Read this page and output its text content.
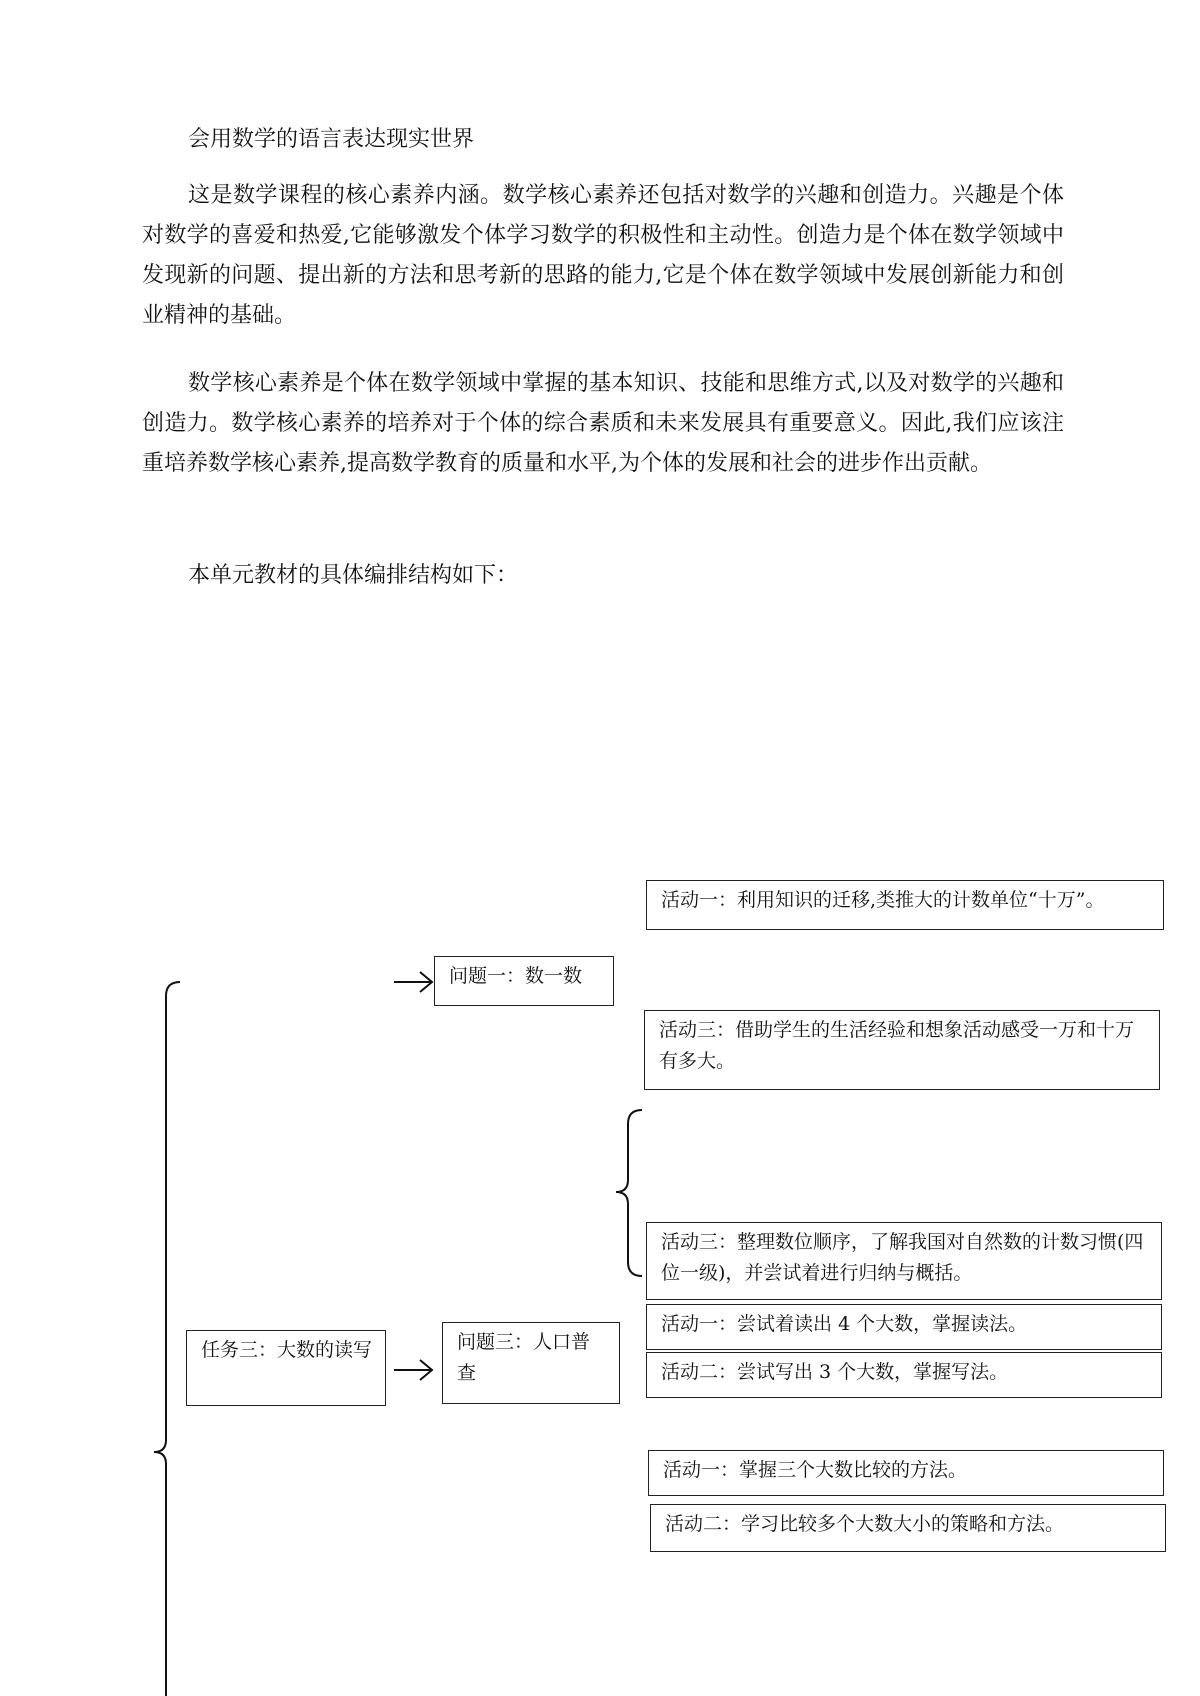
会用数学的语言表达现实世界

这是数学课程的核心素养内涵。数学核心素养还包括对数学的兴趣和创造力。兴趣是个体对数学的喜爱和热爱,它能够激发个体学习数学的积极性和主动性。创造力是个体在数学领域中发现新的问题、提出新的方法和思考新的思路的能力,它是个体在数学领域中发展创新能力和创业精神的基础。

数学核心素养是个体在数学领域中掌握的基本知识、技能和思维方式,以及对数学的兴趣和创造力。数学核心素养的培养对于个体的综合素质和未来发展具有重要意义。因此,我们应该注重培养数学核心素养,提高数学教育的质量和水平,为个体的发展和社会的进步作出贡献。

本单元教材的具体编排结构如下：

活动一：利用知识的迁移,类推大的计数单位“十万”。
问题一：数一数
活动三：借助学生的生活经验和想象活动感受一万和十万有多大。
活动三：整理数位顺序，了解我国对自然数的计数习惯(四位一级)，并尝试着进行归纳与概括。
活动一：尝试着读出 4 个大数，掌握读法。
活动二：尝试写出 3 个大数，掌握写法。
任务三：大数的读写	问题三：人口普查
活动一：掌握三个大数比较的方法。
活动二：学习比较多个大数大小的策略和方法。
